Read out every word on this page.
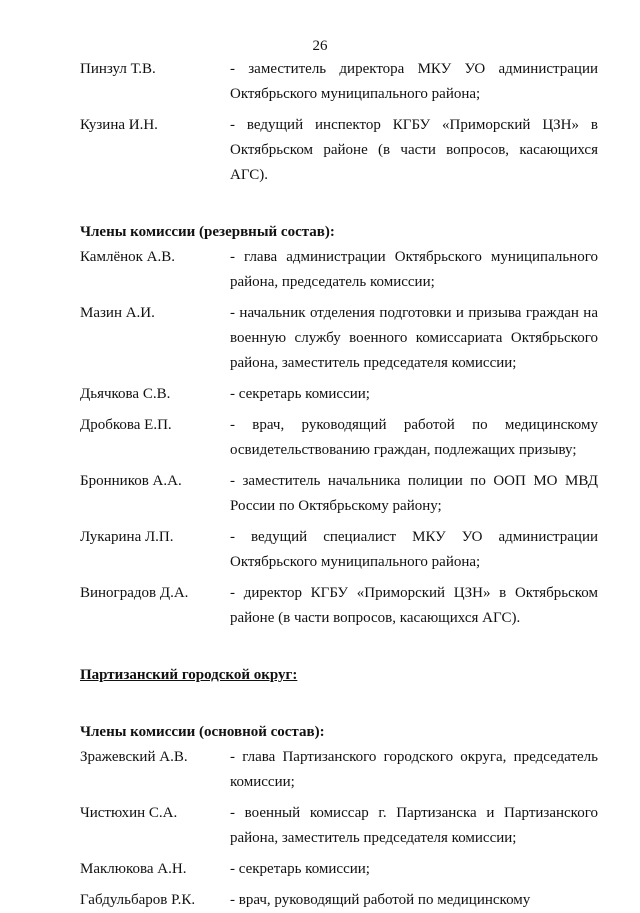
26
Пинзул Т.В.	- заместитель директора МКУ УО администрации Октябрьского муниципального района;
Кузина И.Н.	- ведущий инспектор КГБУ «Приморский ЦЗН» в Октябрьском районе (в части вопросов, касающихся АГС).
Члены комиссии (резервный состав):
Камлёнок А.В.	- глава администрации Октябрьского муниципального района, председатель комиссии;
Мазин А.И.	- начальник отделения подготовки и призыва граждан на военную службу военного комиссариата Октябрьского района, заместитель председателя комиссии;
Дьячкова С.В.	- секретарь комиссии;
Дробкова Е.П.	- врач, руководящий работой по медицинскому освидетельствованию граждан, подлежащих призыву;
Бронников А.А.	- заместитель начальника полиции по ООП МО МВД России по Октябрьскому району;
Лукарина Л.П.	- ведущий специалист МКУ УО администрации Октябрьского муниципального района;
Виноградов Д.А.	- директор КГБУ «Приморский ЦЗН» в Октябрьском районе (в части вопросов, касающихся АГС).
Партизанский городской округ:
Члены комиссии (основной состав):
Зражевский А.В.	- глава Партизанского городского округа, председатель комиссии;
Чистюхин С.А.	- военный комиссар г. Партизанска и Партизанского района, заместитель председателя комиссии;
Маклюкова А.Н.	- секретарь комиссии;
Габдульбаров Р.К.	- врач, руководящий работой по медицинскому
